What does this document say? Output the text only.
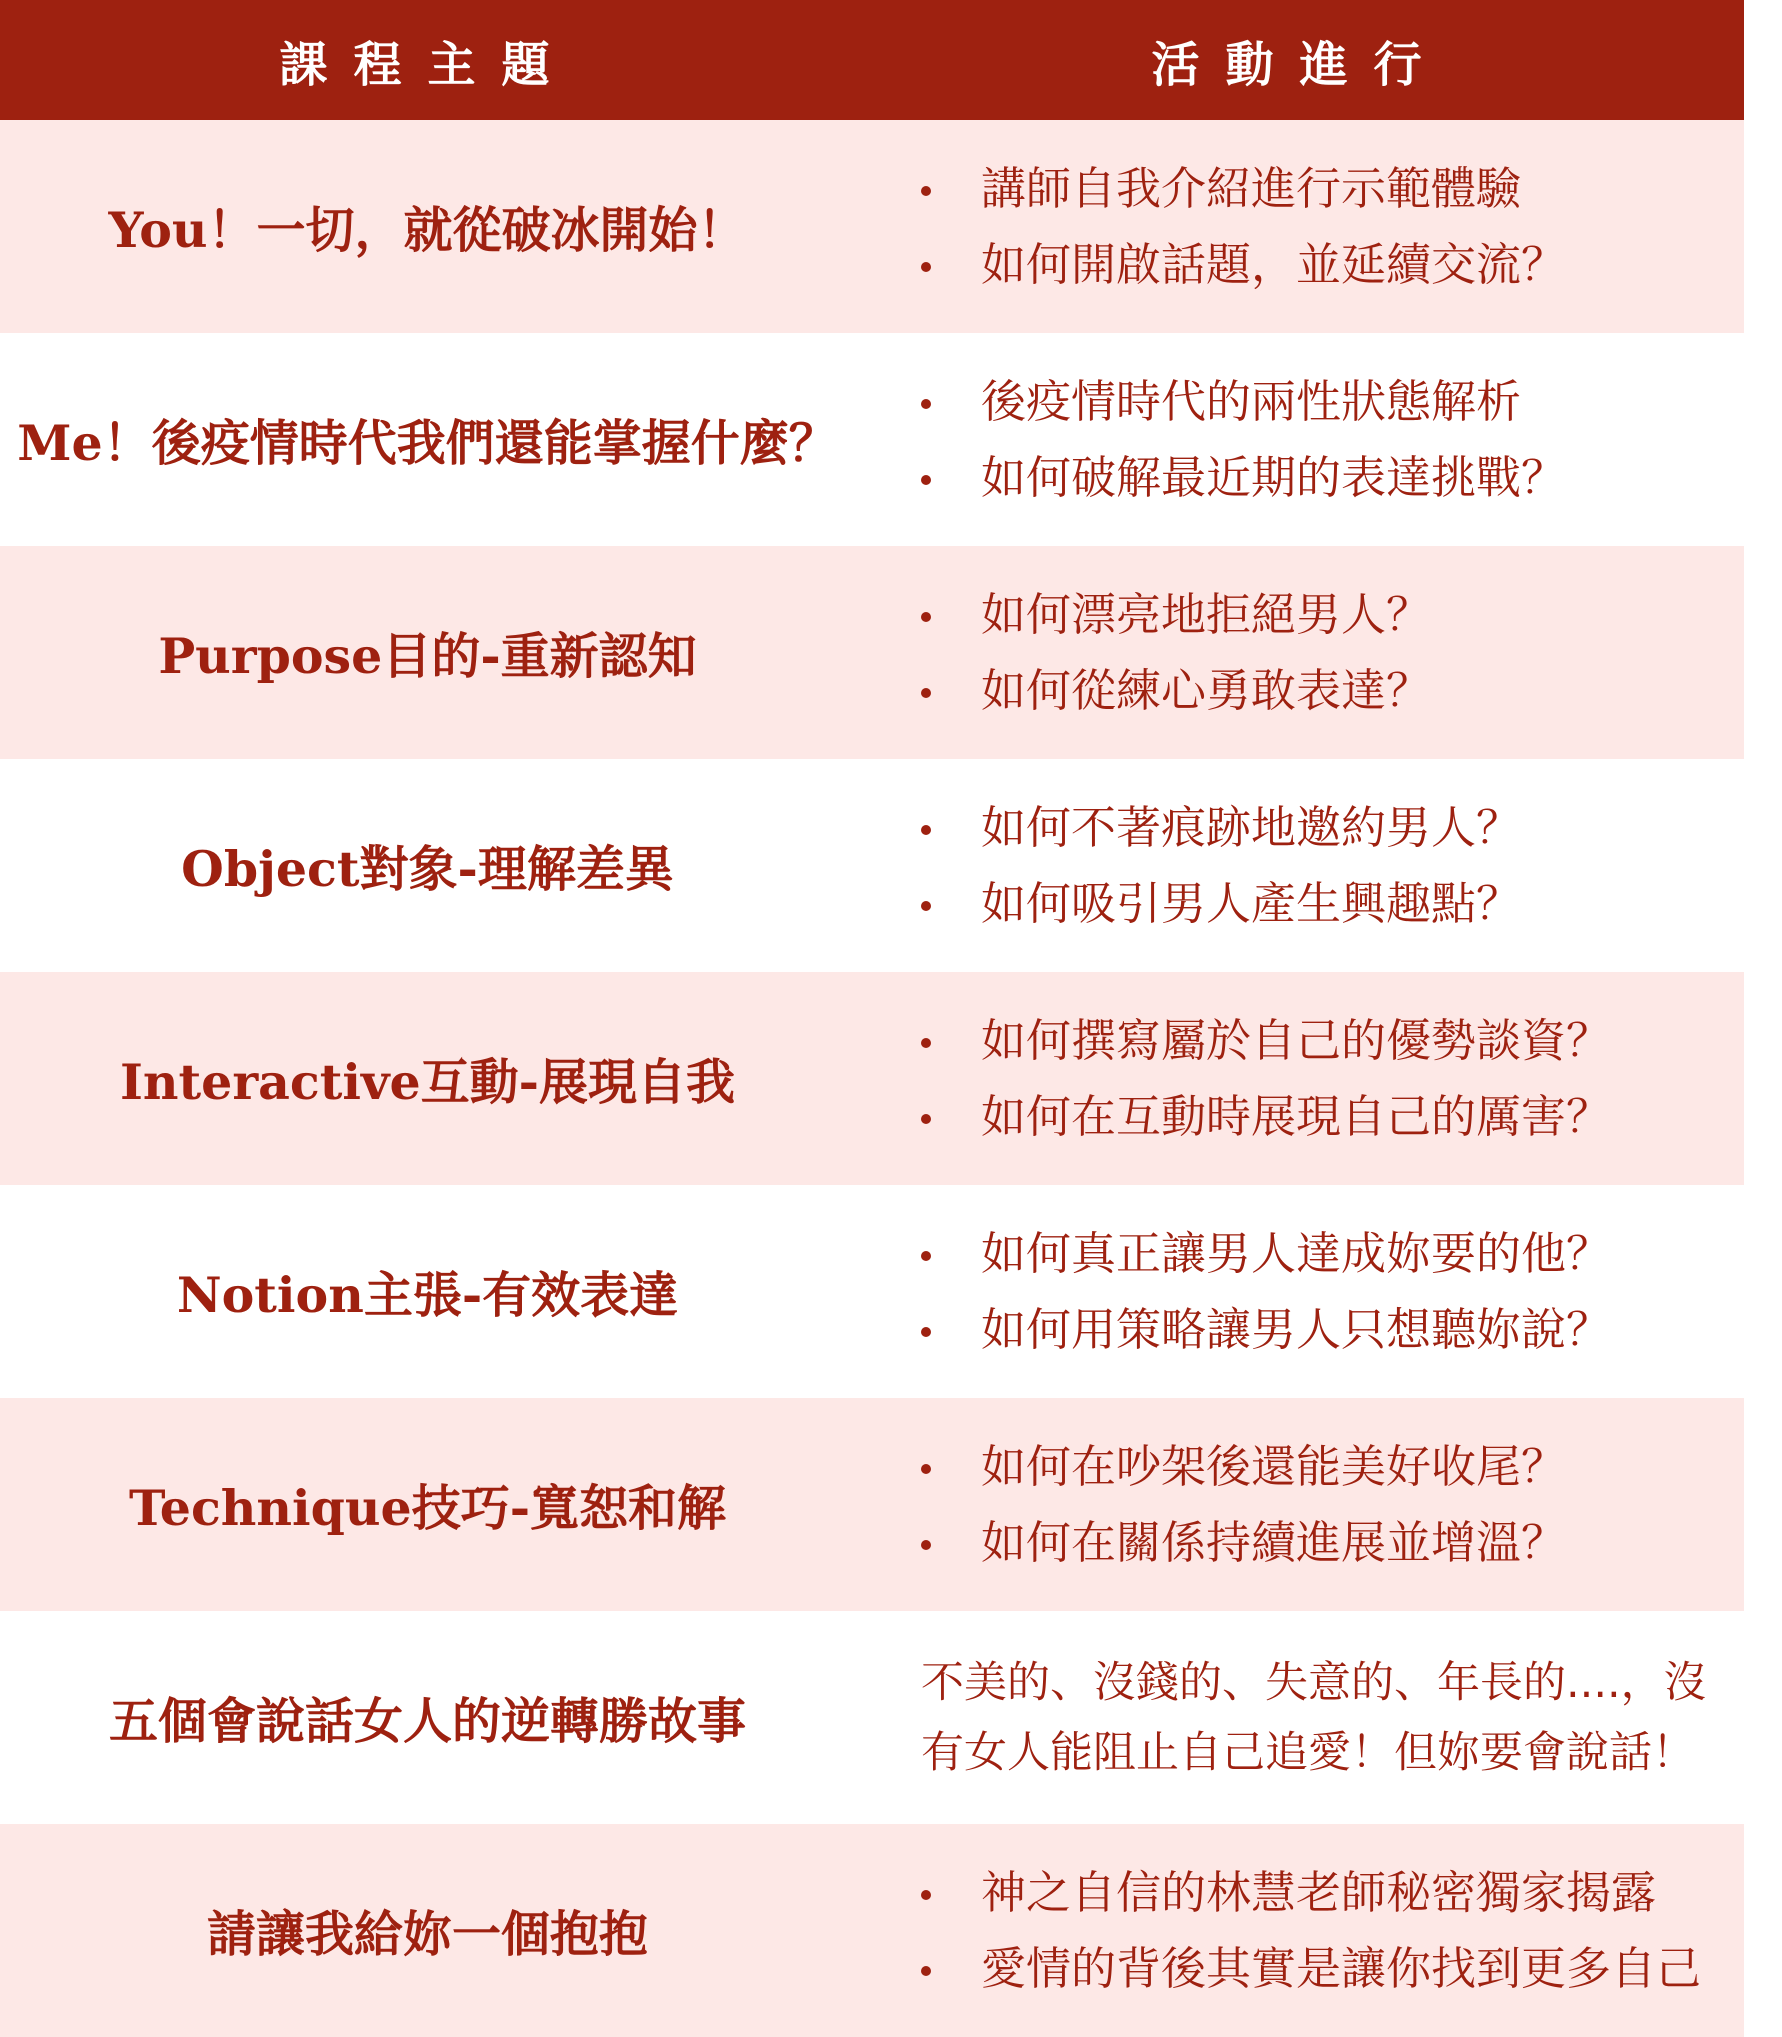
課程主題	活動進行
You！一切，就從破冰開始！
講師自我介紹進行示範體驗
如何開啟話題，並延續交流？
Me！後疫情時代我們還能掌握什麼？
後疫情時代的兩性狀態解析
如何破解最近期的表達挑戰？
Purpose目的-重新認知
如何漂亮地拒絕男人？
如何從練心勇敢表達？
Object對象-理解差異
如何不著痕跡地邀約男人？
如何吸引男人產生興趣點？
Interactive互動-展現自我
如何撰寫屬於自己的優勢談資？
如何在互動時展現自己的厲害？
Notion主張-有效表達
如何真正讓男人達成妳要的他？
如何用策略讓男人只想聽妳說？
Technique技巧-寬恕和解
如何在吵架後還能美好收尾？
如何在關係持續進展並增溫？
五個會說話女人的逆轉勝故事
不美的、沒錢的、失意的、年長的....，沒有女人能阻止自己追愛！但妳要會說話！
請讓我給妳一個抱抱
神之自信的林慧老師秘密獨家揭露
愛情的背後其實是讓你找到更多自己
